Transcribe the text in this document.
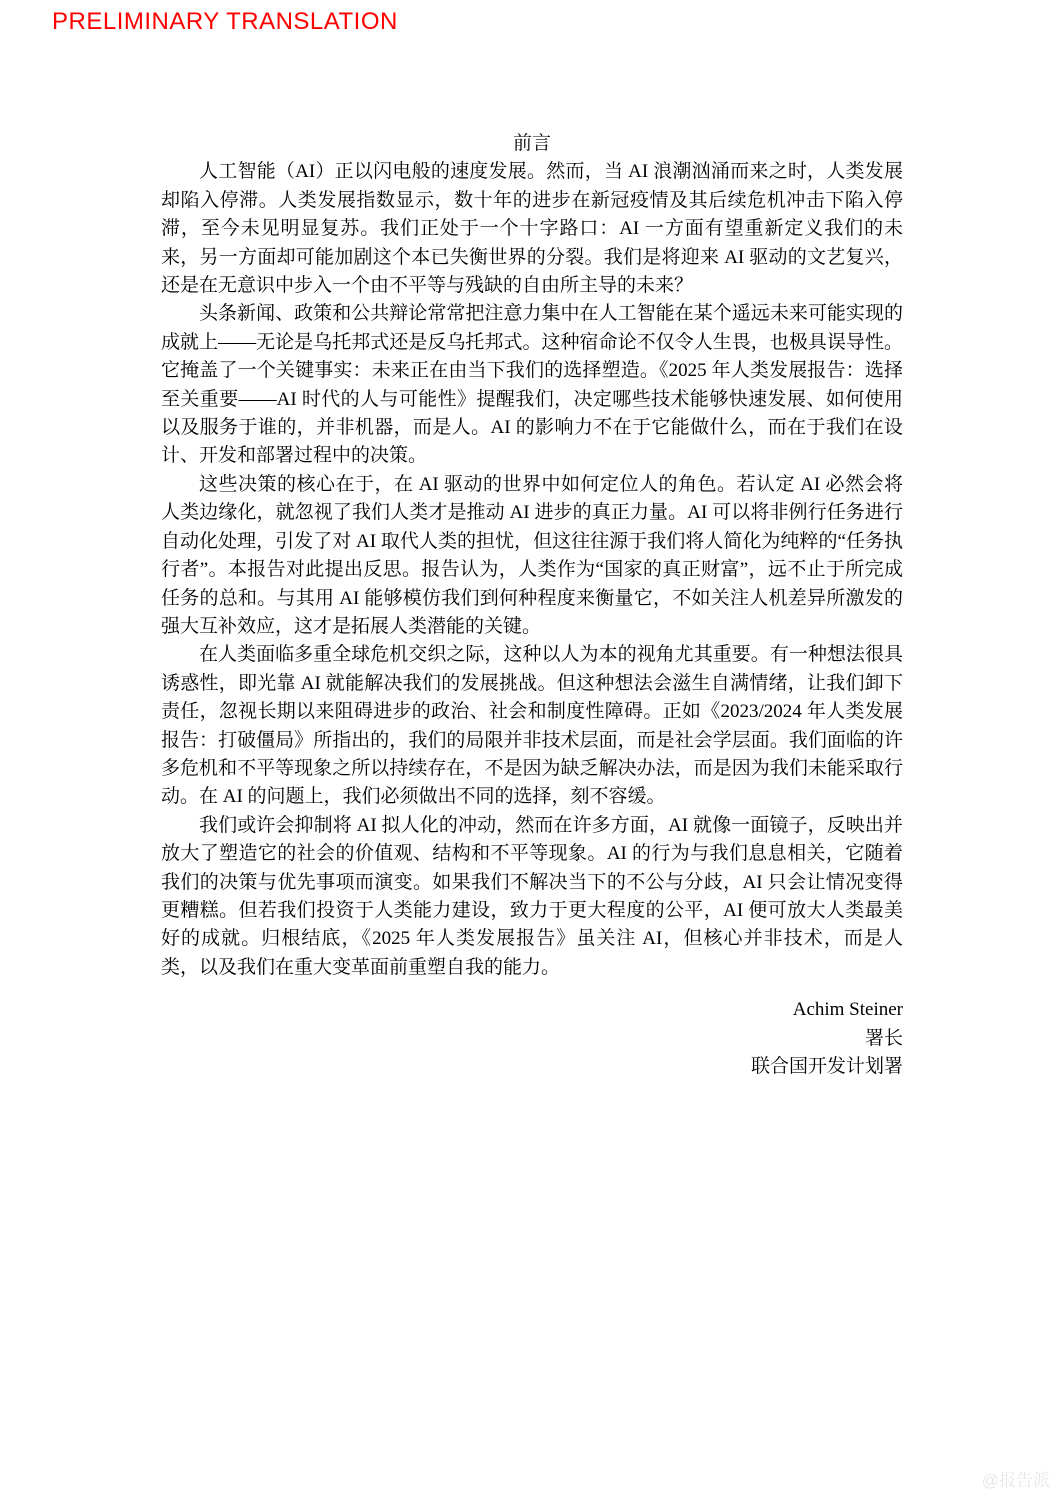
PRELIMINARY TRANSLATION
前言

人工智能（AI）正以闪电般的速度发展。然而，当 AI 浪潮汹涌而来之时，人类发展却陷入停滞。人类发展指数显示，数十年的进步在新冠疫情及其后续危机冲击下陷入停滞，至今未见明显复苏。我们正处于一个十字路口：AI 一方面有望重新定义我们的未来，另一方面却可能加剧这个本已失衡世界的分裂。我们是将迎来 AI 驱动的文艺复兴，还是在无意识中步入一个由不平等与残缺的自由所主导的未来？

头条新闻、政策和公共辩论常常把注意力集中在人工智能在某个遥远未来可能实现的成就上——无论是乌托邦式还是反乌托邦式。这种宿命论不仅令人生畏，也极具误导性。它掩盖了一个关键事实：未来正在由当下我们的选择塑造。《2025 年人类发展报告：选择至关重要——AI 时代的人与可能性》提醒我们，决定哪些技术能够快速发展、如何使用以及服务于谁的，并非机器，而是人。AI 的影响力不在于它能做什么，而在于我们在设计、开发和部署过程中的决策。

这些决策的核心在于，在 AI 驱动的世界中如何定位人的角色。若认定 AI 必然会将人类边缘化，就忽视了我们人类才是推动 AI 进步的真正力量。AI 可以将非例行任务进行自动化处理，引发了对 AI 取代人类的担忧，但这往往源于我们将人简化为纯粹的“任务执行者”。本报告对此提出反思。报告认为，人类作为“国家的真正财富”，远不止于所完成任务的总和。与其用 AI 能够模仿我们到何种程度来衡量它，不如关注人机差异所激发的强大互补效应，这才是拓展人类潜能的关键。

在人类面临多重全球危机交织之际，这种以人为本的视角尤其重要。有一种想法很具诱惑性，即光靠 AI 就能解决我们的发展挑战。但这种想法会滋生自满情绪，让我们卸下责任，忽视长期以来阻碍进步的政治、社会和制度性障碍。正如《2023/2024 年人类发展报告：打破僵局》所指出的，我们的局限并非技术层面，而是社会学层面。我们面临的许多危机和不平等现象之所以持续存在，不是因为缺乏解决办法，而是因为我们未能采取行动。在 AI 的问题上，我们必须做出不同的选择，刻不容缓。

我们或许会抑制将 AI 拟人化的冲动，然而在许多方面，AI 就像一面镜子，反映出并放大了塑造它的社会的价值观、结构和不平等现象。AI 的行为与我们息息相关，它随着我们的决策与优先事项而演变。如果我们不解决当下的不公与分歧，AI 只会让情况变得更糟糕。但若我们投资于人类能力建设，致力于更大程度的公平，AI 便可放大人类最美好的成就。归根结底，《2025 年人类发展报告》虽关注 AI，但核心并非技术，而是人类，以及我们在重大变革面前重塑自我的能力。

Achim Steiner
署长
联合国开发计划署
@报告派
